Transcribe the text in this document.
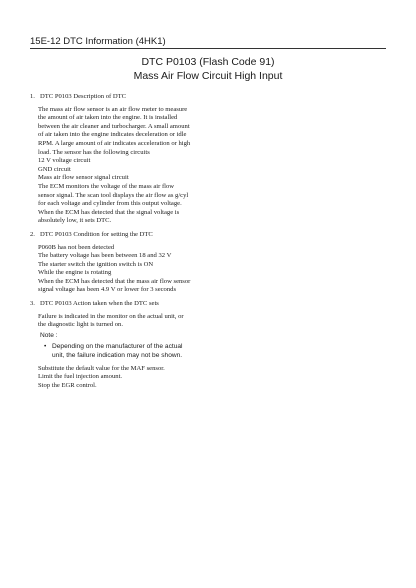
15E-12 DTC Information (4HK1)
DTC P0103 (Flash Code 91)
Mass Air Flow Circuit High Input
1. DTC P0103 Description of DTC
The mass air flow sensor is an air flow meter to measure
the amount of air taken into the engine. It is installed
between the air cleaner and turbocharger. A small amount
of air taken into the engine indicates deceleration or idle
RPM. A large amount of air indicates acceleration or high
load. The sensor has the following circuits
12 V voltage circuit
GND circuit
Mass air flow sensor signal circuit
The ECM monitors the voltage of the mass air flow
sensor signal. The scan tool displays the air flow as g/cyl
for each voltage and cylinder from this output voltage.
When the ECM has detected that the signal voltage is
absolutely low, it sets DTC.
2. DTC P0103 Condition for setting the DTC
P060B has not been detected
The battery voltage has been between 18 and 32 V
The starter switch the ignition switch is ON
While the engine is rotating
When the ECM has detected that the mass air flow sensor
signal voltage has been 4.9 V or lower for 3 seconds
3. DTC P0103 Action taken when the DTC sets
Failure is indicated in the monitor on the actual unit, or
the diagnostic light is turned on.
Note :
• Depending on the manufacturer of the actual
unit, the failure indication may not be shown.
Substitute the default value for the MAF sensor.
Limit the fuel injection amount.
Stop the EGR control.
